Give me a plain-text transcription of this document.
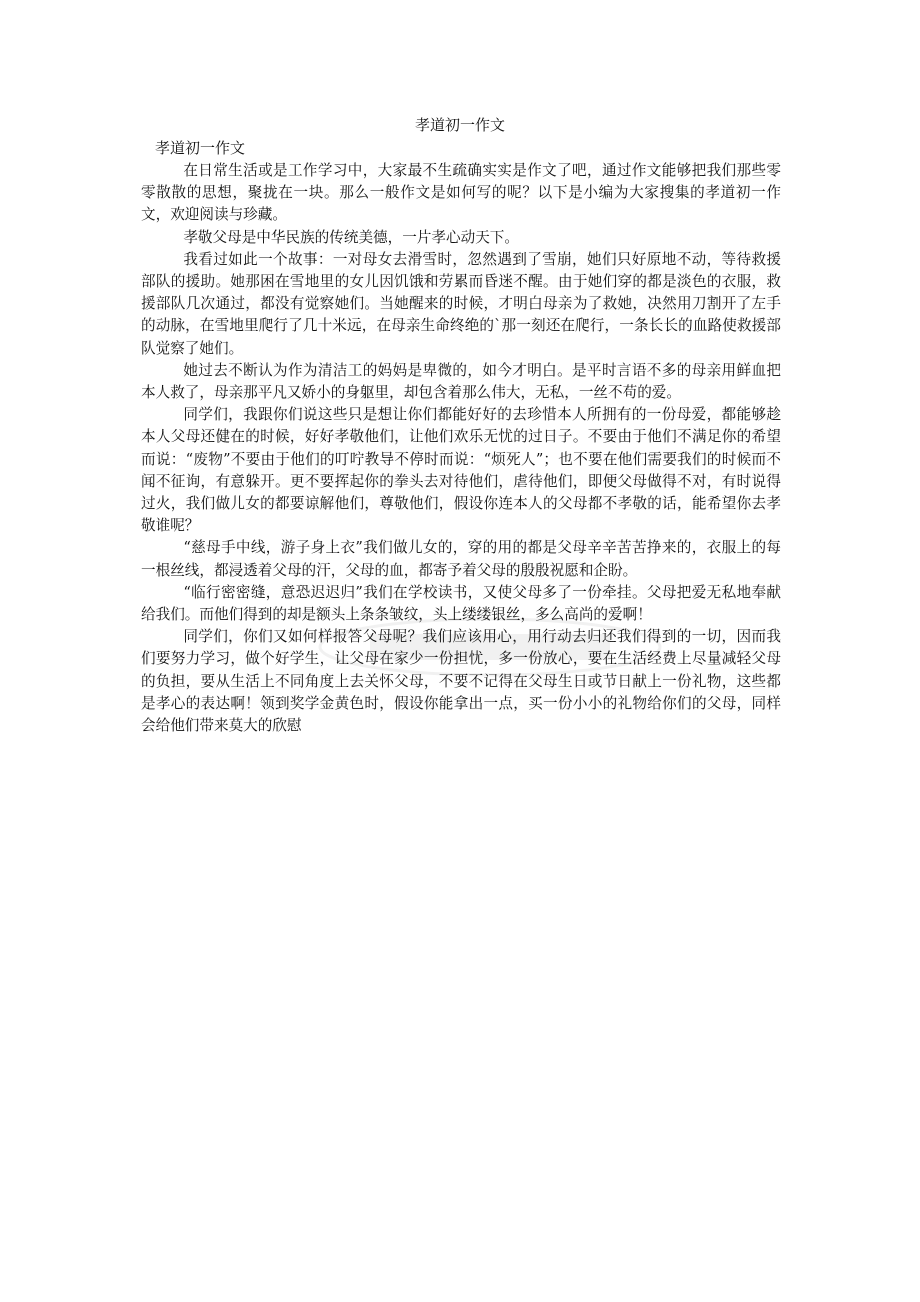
孝道初一作文
孝道初一作文

在日常生活或是工作学习中，大家最不生疏确实实是作文了吧，通过作文能够把我们那些零零散散的思想，聚拢在一块。那么一般作文是如何写的呢？以下是小编为大家搜集的孝道初一作文，欢迎阅读与珍藏。

孝敬父母是中华民族的传统美德，一片孝心动天下。

我看过如此一个故事：一对母女去滑雪时，忽然遇到了雪崩，她们只好原地不动，等待救援部队的援助。她那困在雪地里的女儿因饥饿和劳累而昏迷不醒。由于她们穿的都是淡色的衣服，救援部队几次通过，都没有觉察她们。当她醒来的时候，才明白母亲为了救她，决然用刀割开了左手的动脉，在雪地里爬行了几十米远，在母亲生命终绝的`那一刻还在爬行，一条长长的血路使救援部队觉察了她们。

她过去不断认为作为清洁工的妈妈是卑微的，如今才明白。是平时言语不多的母亲用鲜血把本人救了，母亲那平凡又娇小的身躯里，却包含着那么伟大，无私，一丝不苟的爱。

同学们，我跟你们说这些只是想让你们都能好好的去珍惜本人所拥有的一份母爱，都能够趁本人父母还健在的时候，好好孝敬他们，让他们欢乐无忧的过日子。不要由于他们不满足你的希望而说：“废物”不要由于他们的叮咛教导不停时而说：“烦死人”；也不要在他们需要我们的时候而不闻不征询，有意躲开。更不要挥起你的拳头去对待他们，虐待他们，即便父母做得不对，有时说得过火，我们做儿女的都要谅解他们，尊敬他们，假设你连本人的父母都不孝敬的话，能希望你去孝敬谁呢？

“慈母手中线，游子身上衣”我们做儿女的，穿的用的都是父母辛辛苦苦挣来的，衣服上的每一根丝线，都浸透着父母的汗，父母的血，都寄予着父母的殷殷祝愿和企盼。

“临行密密缝，意恐迟迟归”我们在学校读书，又使父母多了一份牵挂。父母把爱无私地奉献给我们。而他们得到的却是额头上条条皱纹，头上缕缕银丝，多么高尚的爱啊！

同学们，你们又如何样报答父母呢？我们应该用心，用行动去归还我们得到的一切，因而我们要努力学习，做个好学生，让父母在家少一份担忧，多一份放心，要在生活经费上尽量减轻父母的负担，要从生活上不同角度上去关怀父母，不要不记得在父母生日或节日献上一份礼物，这些都是孝心的表达啊！领到奖学金黄色时，假设你能拿出一点，买一份小小的礼物给你们的父母，同样会给他们带来莫大的欣慰
